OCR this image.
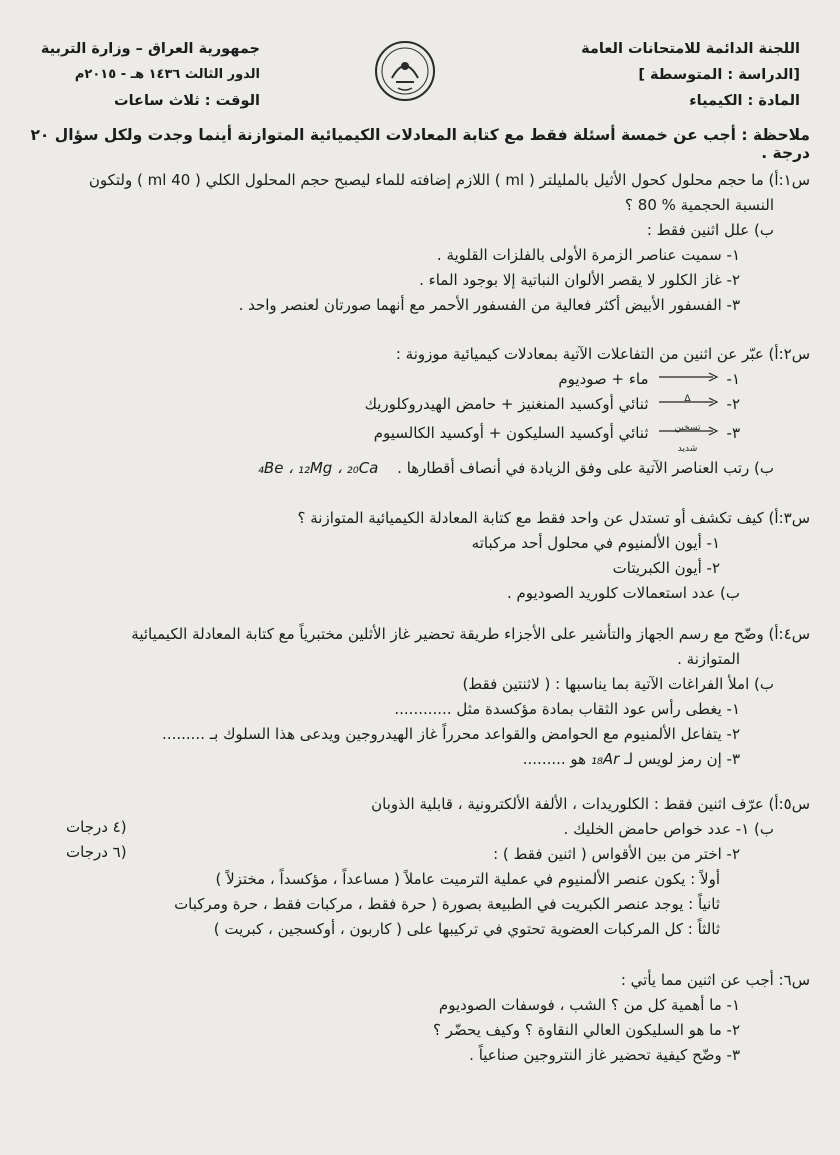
جمهورية العراق – وزارة التربية
الدور الثالث ١٤٣٦ هـ - ٢٠١٥م
الوقت : ثلاث ساعات
اللجنة الدائمة للامتحانات العامة
[الدراسة : المتوسطة ]
المادة : الكيمياء
ملاحظة : أجب عن خمسة أسئلة فقط مع كتابة المعادلات الكيميائية المتوازنة أينما وجدت ولكل سؤال ٢٠ درجة .
س١:أ) ما حجم محلول كحول الأثيل بالمليلتر ( ml ) اللازم إضافته للماء ليصبح حجم المحلول الكلي ( 40 ml ) ولتكون
النسبة الحجمية % 80 ؟
ب) علل اثنين فقط :
١- سميت عناصر الزمرة الأولى بالفلزات القلوية .
٢- غاز الكلور لا يقصر الألوان النباتية إلا بوجود الماء .
٣- الفسفور الأبيض أكثر فعالية من الفسفور الأحمر مع أنهما صورتان لعنصر واحد .
س٢:أ) عبّر عن اثنين من التفاعلات الآتية بمعادلات كيميائية موزونة :
١-
ماء + صوديوم
٢-
Δ
ثنائي أوكسيد المنغنيز + حامض الهيدروكلوريك
٣-
تسخين
شديد
ثنائي أوكسيد السليكون + أوكسيد الكالسيوم
ب) رتب العناصر الآتية على وفق الزيادة في أنصاف أقطارها . ₄Be ، ₁₂Mg ، ₂₀Ca
س٣:أ) كيف تكشف أو تستدل عن واحد فقط مع كتابة المعادلة الكيميائية المتوازنة ؟
١- أيون الألمنيوم في محلول أحد مركباته
٢- أيون الكبريتات
ب) عدد استعمالات كلوريد الصوديوم .
س٤:أ) وضّح مع رسم الجهاز والتأشير على الأجزاء طريقة تحضير غاز الأثلين مختبرياً مع كتابة المعادلة الكيميائية
المتوازنة .
ب) املأ الفراغات الآتية بما يناسبها : ( لاثنتين فقط)
١- يغطى رأس عود الثقاب بمادة مؤكسدة مثل ............
٢- يتفاعل الألمنيوم مع الحوامض والقواعد محرراً غاز الهيدروجين ويدعى هذا السلوك بـ .........
٣- إن رمز لويس لـ ₁₈Ar هو .........
س٥:أ) عرّف اثنين فقط : الكلوريدات ، الألفة الألكترونية ، قابلية الذوبان
ب) ١- عدد خواص حامض الخليك .
٢- اختر من بين الأقواس ( اثنين فقط ) :
أولاً : يكون عنصر الألمنيوم في عملية الترميت عاملاً ( مساعداً ، مؤكسداً ، مختزلاً )
ثانياً : يوجد عنصر الكبريت في الطبيعة بصورة ( حرة فقط ، مركبات فقط ، حرة ومركبات
ثالثاً : كل المركبات العضوية تحتوي في تركيبها على ( كاربون ، أوكسجين ، كبريت )
(٤ درجات
(٦ درجات
س٦: أجب عن اثنين مما يأتي :
١- ما أهمية كل من ؟ الشب ، فوسفات الصوديوم
٢- ما هو السليكون العالي النقاوة ؟ وكيف يحضّر ؟
٣- وضّح كيفية تحضير غاز النتروجين صناعياً .
